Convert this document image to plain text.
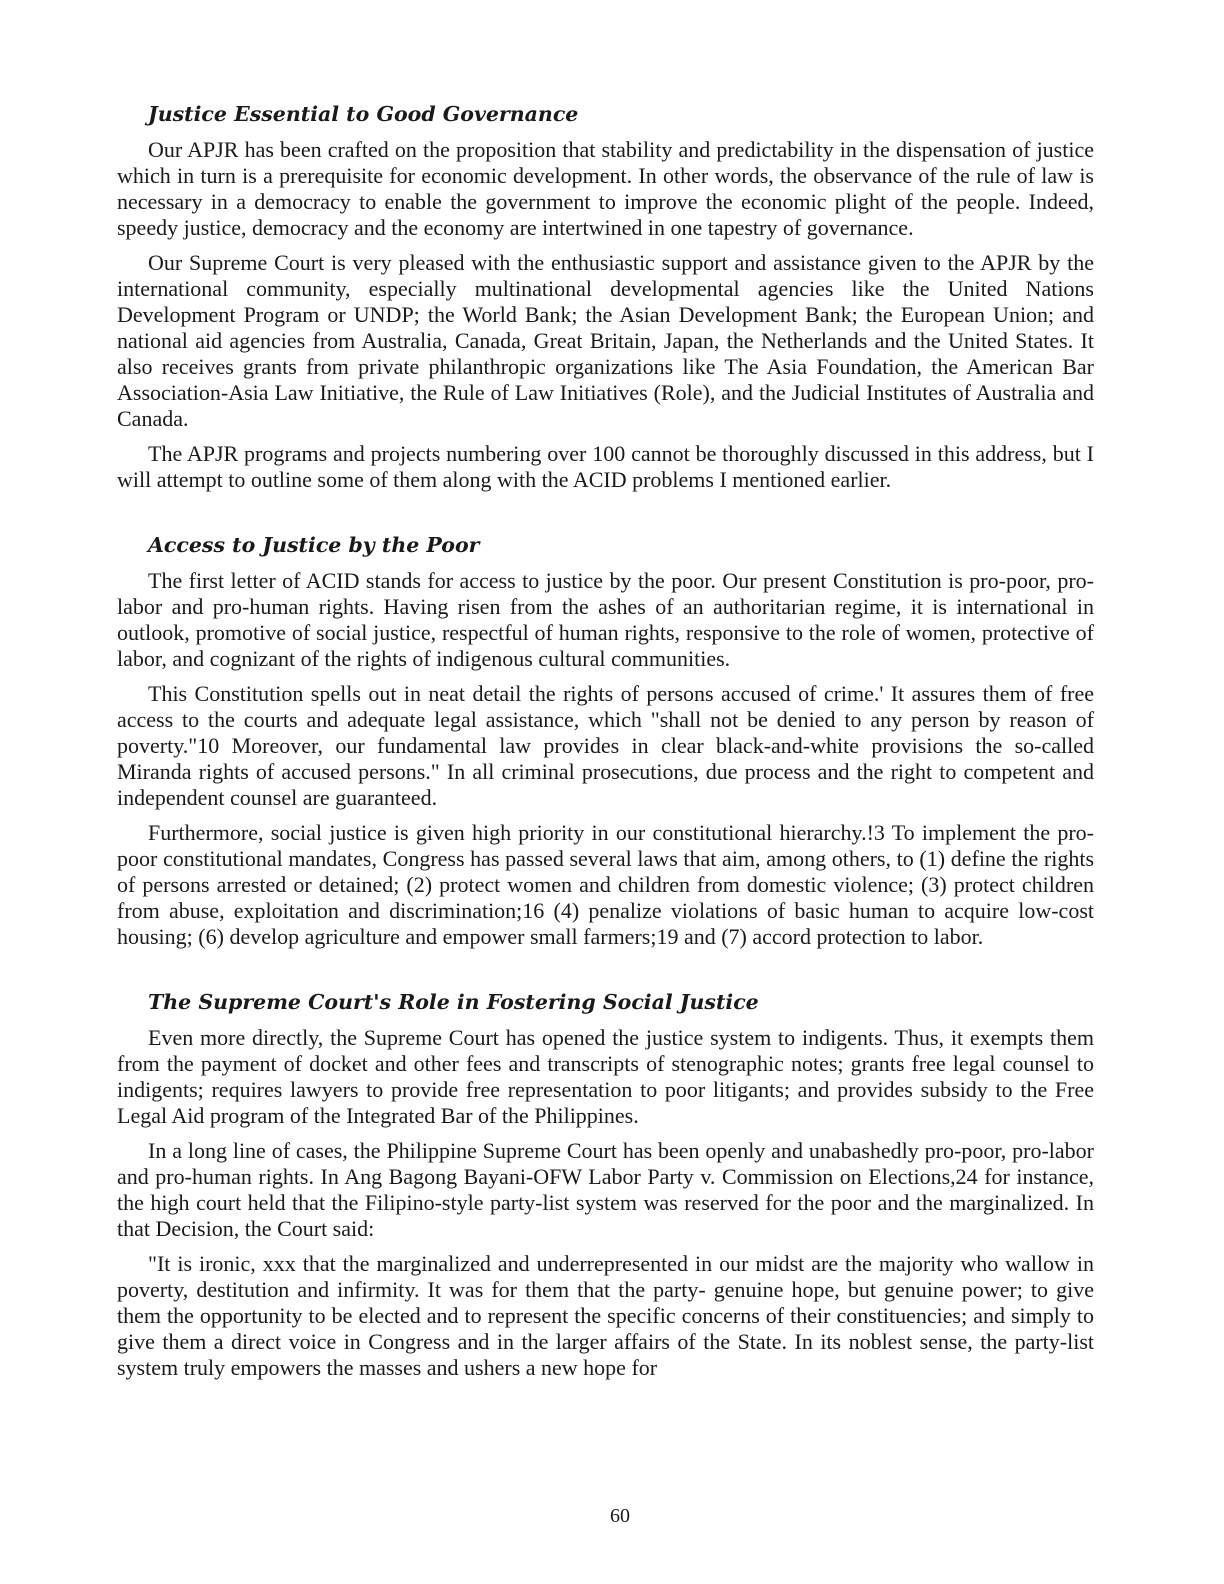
Justice Essential to Good Governance

Our APJR has been crafted on the proposition that stability and predictability in the dispensation of justice which in turn is a prerequisite for economic development. In other words, the observance of the rule of law is necessary in a democracy to enable the government to improve the economic plight of the people. Indeed, speedy justice, democracy and the economy are intertwined in one tapestry of governance.

Our Supreme Court is very pleased with the enthusiastic support and assistance given to the APJR by the international community, especially multinational developmental agencies like the United Nations Development Program or UNDP; the World Bank; the Asian Development Bank; the European Union; and national aid agencies from Australia, Canada, Great Britain, Japan, the Netherlands and the United States. It also receives grants from private philanthropic organizations like The Asia Foundation, the American Bar Association-Asia Law Initiative, the Rule of Law Initiatives (Role), and the Judicial Institutes of Australia and Canada.

The APJR programs and projects numbering over 100 cannot be thoroughly discussed in this address, but I will attempt to outline some of them along with the ACID problems I mentioned earlier.

Access to Justice by the Poor

The first letter of ACID stands for access to justice by the poor. Our present Constitution is pro-poor, pro-labor and pro-human rights. Having risen from the ashes of an authoritarian regime, it is international in outlook, promotive of social justice, respectful of human rights, responsive to the role of women, protective of labor, and cognizant of the rights of indigenous cultural communities.

This Constitution spells out in neat detail the rights of persons accused of crime.' It assures them of free access to the courts and adequate legal assistance, which "shall not be denied to any person by reason of poverty."10 Moreover, our fundamental law provides in clear black-and-white provisions the so-called Miranda rights of accused persons." In all criminal prosecutions, due process and the right to competent and independent counsel are guaranteed.

Furthermore, social justice is given high priority in our constitutional hierarchy.!3 To implement the pro-poor constitutional mandates, Congress has passed several laws that aim, among others, to (1) define the rights of persons arrested or detained; (2) protect women and children from domestic violence; (3) protect children from abuse, exploitation and discrimination;16 (4) penalize violations of basic human to acquire low-cost housing; (6) develop agriculture and empower small farmers;19 and (7) accord protection to labor.

The Supreme Court's Role in Fostering Social Justice

Even more directly, the Supreme Court has opened the justice system to indigents. Thus, it exempts them from the payment of docket and other fees and transcripts of stenographic notes; grants free legal counsel to indigents; requires lawyers to provide free representation to poor litigants; and provides subsidy to the Free Legal Aid program of the Integrated Bar of the Philippines.

In a long line of cases, the Philippine Supreme Court has been openly and unabashedly pro-poor, pro-labor and pro-human rights. In Ang Bagong Bayani-OFW Labor Party v. Commission on Elections,24 for instance, the high court held that the Filipino-style party-list system was reserved for the poor and the marginalized. In that Decision, the Court said:

"It is ironic, xxx that the marginalized and underrepresented in our midst are the majority who wallow in poverty, destitution and infirmity. It was for them that the party- genuine hope, but genuine power; to give them the opportunity to be elected and to represent the specific concerns of their constituencies; and simply to give them a direct voice in Congress and in the larger affairs of the State. In its noblest sense, the party-list system truly empowers the masses and ushers a new hope for

60
